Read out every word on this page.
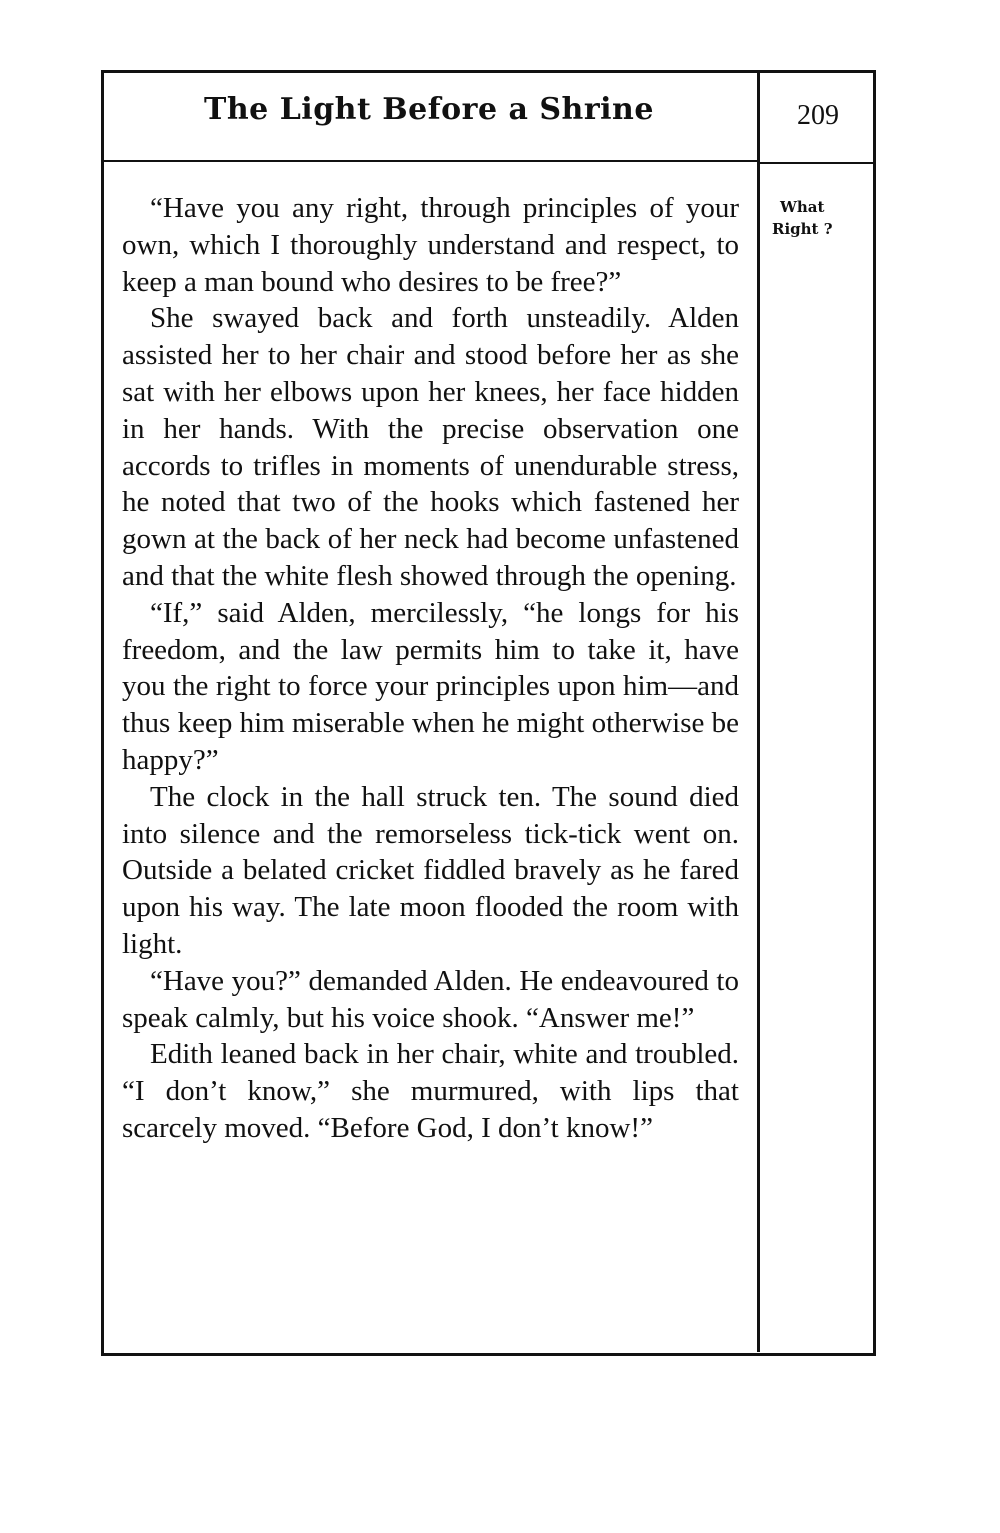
The Light Before a Shrine	209
What
Right ?

“Have you any right, through principles of your own, which I thoroughly understand and respect, to keep a man bound who desires to be free?”

She swayed back and forth unsteadily. Alden assisted her to her chair and stood before her as she sat with her elbows upon her knees, her face hidden in her hands. With the precise observation one accords to trifles in moments of unendurable stress, he noted that two of the hooks which fastened her gown at the back of her neck had become unfastened and that the white flesh showed through the opening.

“If,” said Alden, mercilessly, “he longs for his freedom, and the law permits him to take it, have you the right to force your principles upon him—and thus keep him miserable when he might otherwise be happy?”

The clock in the hall struck ten. The sound died into silence and the remorseless tick-tick went on. Outside a belated cricket fiddled bravely as he fared upon his way. The late moon flooded the room with light.

“Have you?” demanded Alden. He endeavoured to speak calmly, but his voice shook. “Answer me!”

Edith leaned back in her chair, white and troubled. “I don’t know,” she murmured, with lips that scarcely moved. “Before God, I don’t know!”
